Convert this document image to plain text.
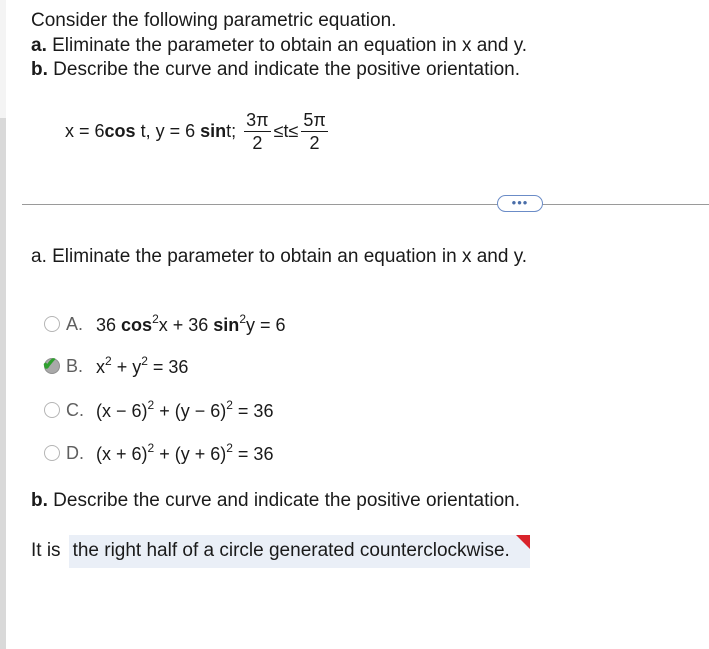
Consider the following parametric equation.
a. Eliminate the parameter to obtain an equation in x and y.
b. Describe the curve and indicate the positive orientation.
x = 6 cos t, y = 6 sin t; $\frac{3\pi}{2} \le t\le \frac{5\pi}{2}$
•••
a. Eliminate the parameter to obtain an equation in x and y.
A. 36 $\cos^2x + 36$ $\sin^2y = 6$
✔ B. $x^2 + y^2 = 36$
C. $(x - 6)^2 + (y - 6)^2 = 36$
D. $(x + 6)^2 + (y + 6)^2 = 36$
b. Describe the curve and indicate the positive orientation.
It is the right half of a circle generated counterclockwise.
